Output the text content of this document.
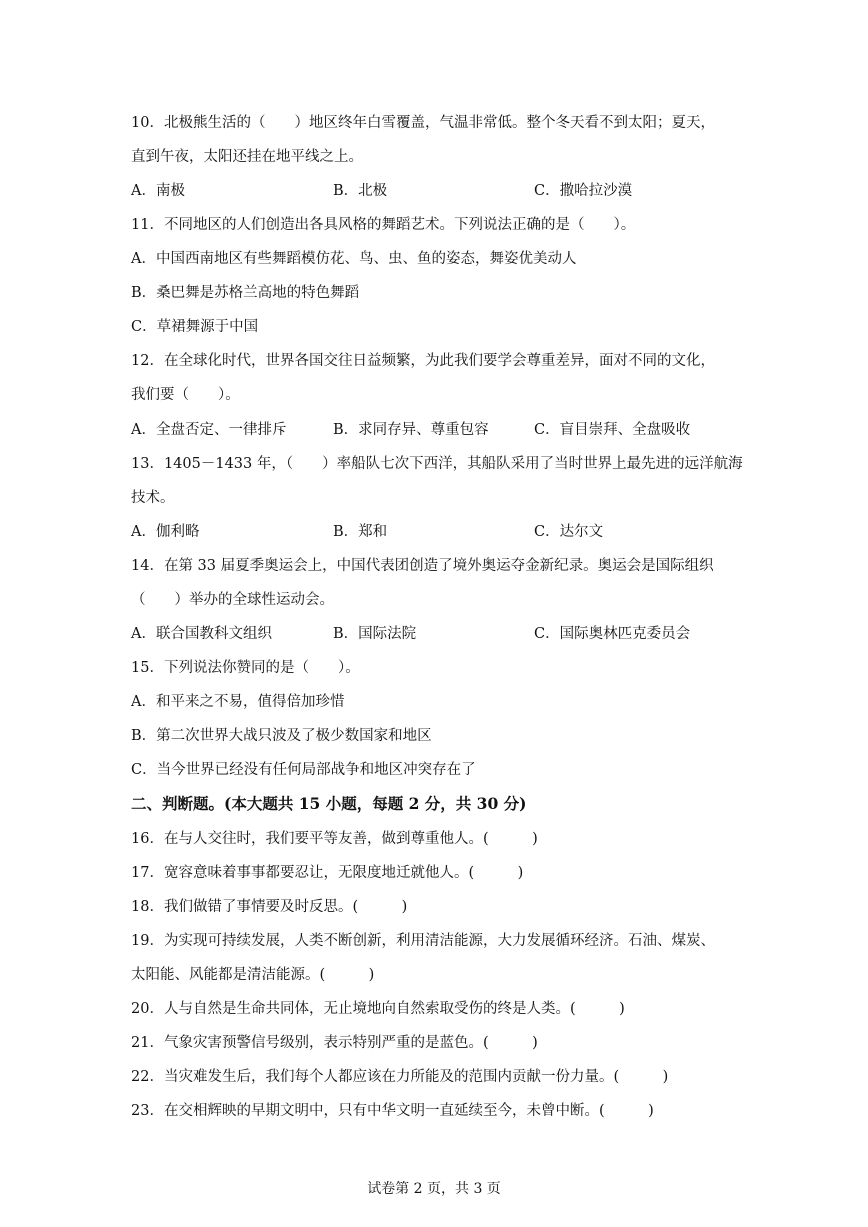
10．北极熊生活的（　　）地区终年白雪覆盖，气温非常低。整个冬天看不到太阳；夏天，
直到午夜，太阳还挂在地平线之上。
A．南极	B．北极	C．撒哈拉沙漠
11．不同地区的人们创造出各具风格的舞蹈艺术。下列说法正确的是（　　）。
A．中国西南地区有些舞蹈模仿花、鸟、虫、鱼的姿态，舞姿优美动人
B．桑巴舞是苏格兰高地的特色舞蹈
C．草裙舞源于中国
12．在全球化时代，世界各国交往日益频繁，为此我们要学会尊重差异，面对不同的文化，
我们要（　　）。
A．全盘否定、一律排斥	B．求同存异、尊重包容	C．盲目崇拜、全盘吸收
13．1405－1433 年，（　　）率船队七次下西洋，其船队采用了当时世界上最先进的远洋航海
技术。
A．伽利略	B．郑和	C．达尔文
14．在第 33 届夏季奥运会上，中国代表团创造了境外奥运夺金新纪录。奥运会是国际组织
（　　）举办的全球性运动会。
A．联合国教科文组织	B．国际法院	C．国际奥林匹克委员会
15．下列说法你赞同的是（　　）。
A．和平来之不易，值得倍加珍惜
B．第二次世界大战只波及了极少数国家和地区
C．当今世界已经没有任何局部战争和地区冲突存在了
二、判断题。(本大题共 15 小题，每题 2 分，共 30 分)
16．在与人交往时，我们要平等友善，做到尊重他人。(　　　)
17．宽容意味着事事都要忍让，无限度地迁就他人。(　　　)
18．我们做错了事情要及时反思。(　　　)
19．为实现可持续发展，人类不断创新，利用清洁能源，大力发展循环经济。石油、煤炭、
太阳能、风能都是清洁能源。(　　　)
20．人与自然是生命共同体，无止境地向自然索取受伤的终是人类。(　　　)
21．气象灾害预警信号级别，表示特别严重的是蓝色。(　　　)
22．当灾难发生后，我们每个人都应该在力所能及的范围内贡献一份力量。(　　　)
23．在交相辉映的早期文明中，只有中华文明一直延续至今，未曾中断。(　　　)
试卷第 2 页，共 3 页
